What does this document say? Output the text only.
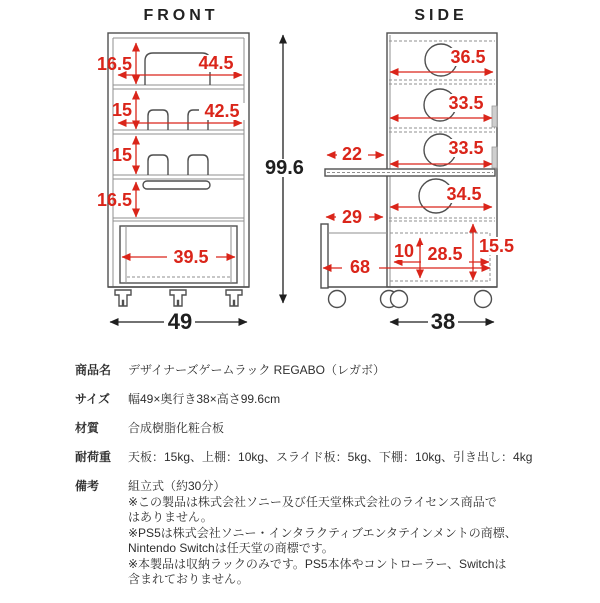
FRONT	SIDE
16.5	44.5
15	42.5
15
16.5
39.5
99.6
49
36.5
33.5
33.5
22
34.5
29
10 28.5 15.5
68
38
商品名	デザイナーズゲームラック REGABO（レガボ）
サイズ	幅49×奥行き38×高さ99.6cm
材質	合成樹脂化粧合板
耐荷重	天板：15kg、上棚：10kg、スライド板：5kg、下棚：10kg、引き出し：4kg
備考	組立式（約30分）
※この製品は株式会社ソニー及び任天堂株式会社のライセンス商品で
はありません。
※PS5は株式会社ソニー・インタラクティブエンタテインメントの商標、
Nintendo Switchは任天堂の商標です。
※本製品は収納ラックのみです。PS5本体やコントローラー、Switchは
含まれておりません。
